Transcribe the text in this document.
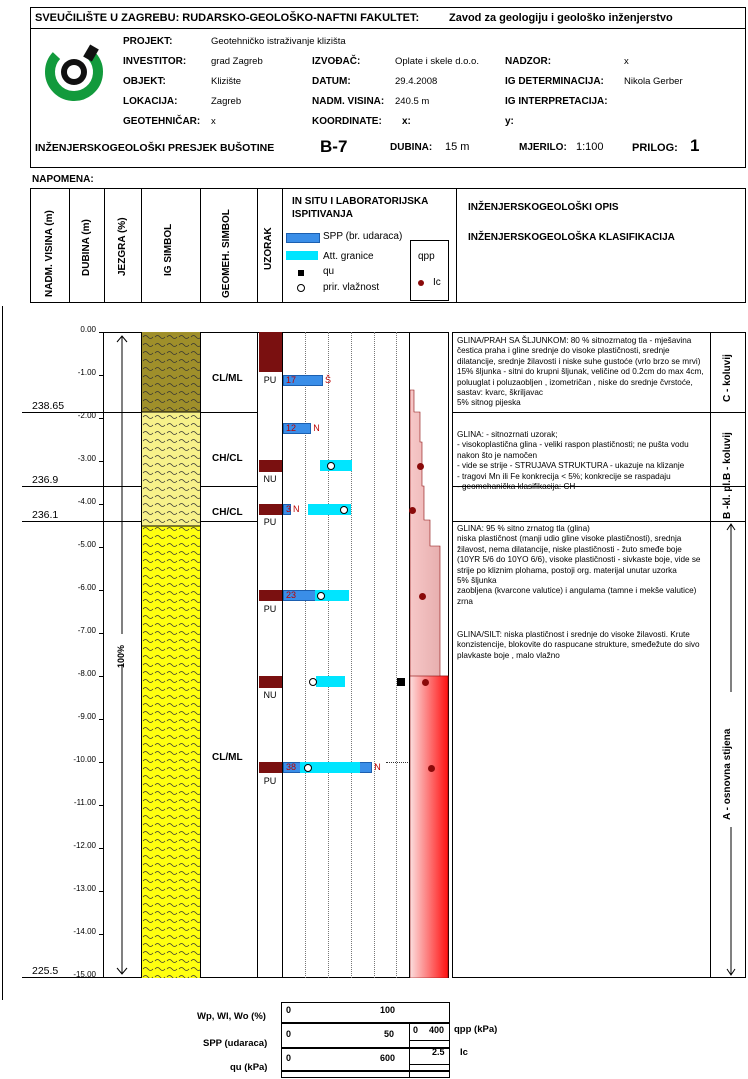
SVEUČILIŠTE U ZAGREBU: RUDARSKO-GEOLOŠKO-NAFTNI FAKULTET:	Zavod za geologiju i geološko inženjerstvo
PROJEKT:	Geotehničko istraživanje klizišta
INVESTITOR:	grad Zagreb
OBJEKT:	Klizište
LOKACIJA:	Zagreb
GEOTEHNIČAR: x
IZVOĐAČ:	Oplate i skele d.o.o.
DATUM:	29.4.2008
NADM. VISINA: 240.5 m
KOORDINATE: x:
NADZOR:	x
IG DETERMINACIJA: Nikola Gerber
IG INTERPRETACIJA:
y:
INŽENJERSKOGEOLOŠKI PRESJEK BUŠOTINE	B-7	DUBINA: 15 m	MJERILO: 1:100	PRILOG: 1
NAPOMENA:
NADM. VISINA (m)	DUBINA (m)	JEZGRA (%)	IG SIMBOL	GEOMEH. SIMBOL	UZORAK
IN SITU I LABORATORIJSKA ISPITIVANJA
SPP (br. udaraca)
Att. granice
qu
prir. vlažnost
qpp
Ic
INŽENJERSKOGEOLOŠKI OPIS
INŽENJERSKOGEOLOŠKA KLASIFIKACIJA
0.00
-1.00
-2.00
-3.00
-4.00
-5.00
-6.00
-7.00
-8.00
-9.00
-10.00
-11.00
-12.00
-13.00
-14.00
-15.00
100%
238.65
236.9
236.1
225.5
CL/ML
CH/CL
CH/CL
CL/ML
PU
NU
PU
PU
NU
PU
17	Š
12	N
3 N
23
38	N
GLINA/PRAH SA ŠLJUNKOM: 80 % sitnozrnatog tla - mješavina čestica praha i gline srednje do visoke plastičnosti, srednje dilatancije, srednje žilavosti i niske suhe gustoće (vrlo brzo se mrvi)
15% šljunka - sitni do krupni šljunak, veličine od 0.2cm do max 4cm, poluuglat i poluzaobljen , izometričan , niske do srednje čvrstoće, sastav: kvarc, škriljavac
5% sitnog pijeska
GLINA: - sitnozrnati uzorak;
- visokoplastična glina - veliki raspon plastičnosti; ne pušta vodu nakon što je namočen
- vide se strije - STRUJAVA STRUKTURA - ukazuje na klizanje
- tragovi Mn ili Fe konkrecija < 5%; konkrecije se raspadaju
- geomehanička klasifikacija: CH
GLINA: 95 % sitno zrnatog tla (glina)
niska plastičnost (manji udio gline visoke plastičnosti), srednja žilavost, nema dilatancije, niske plastičnosti - žuto smeđe boje (10YR 5/6 do 10YO 6/6), visoke plastičnosti - sivkaste boje, vide se strije po kliznim plohama, postoji org. materijal unutar uzorka
5% šljunka
zaobljena (kvarcone valutice) i angulama (tamne i mekše valutice) zrna
GLINA/SILT: niska plastičnost i srednje do visoke žilavosti. Krute konzistencije, blokovite do raspucane strukture, smeđežute do sivo plavkaste boje , malo vlažno
C - koluvij
B - koluvij
B -kl. pl.
A - osnovna stijena
Wp, Wl, Wo (%)
0	100
SPP (udaraca)
0	50
qu (kPa)
0	600
0 400 qpp (kPa)
2.5 Ic
